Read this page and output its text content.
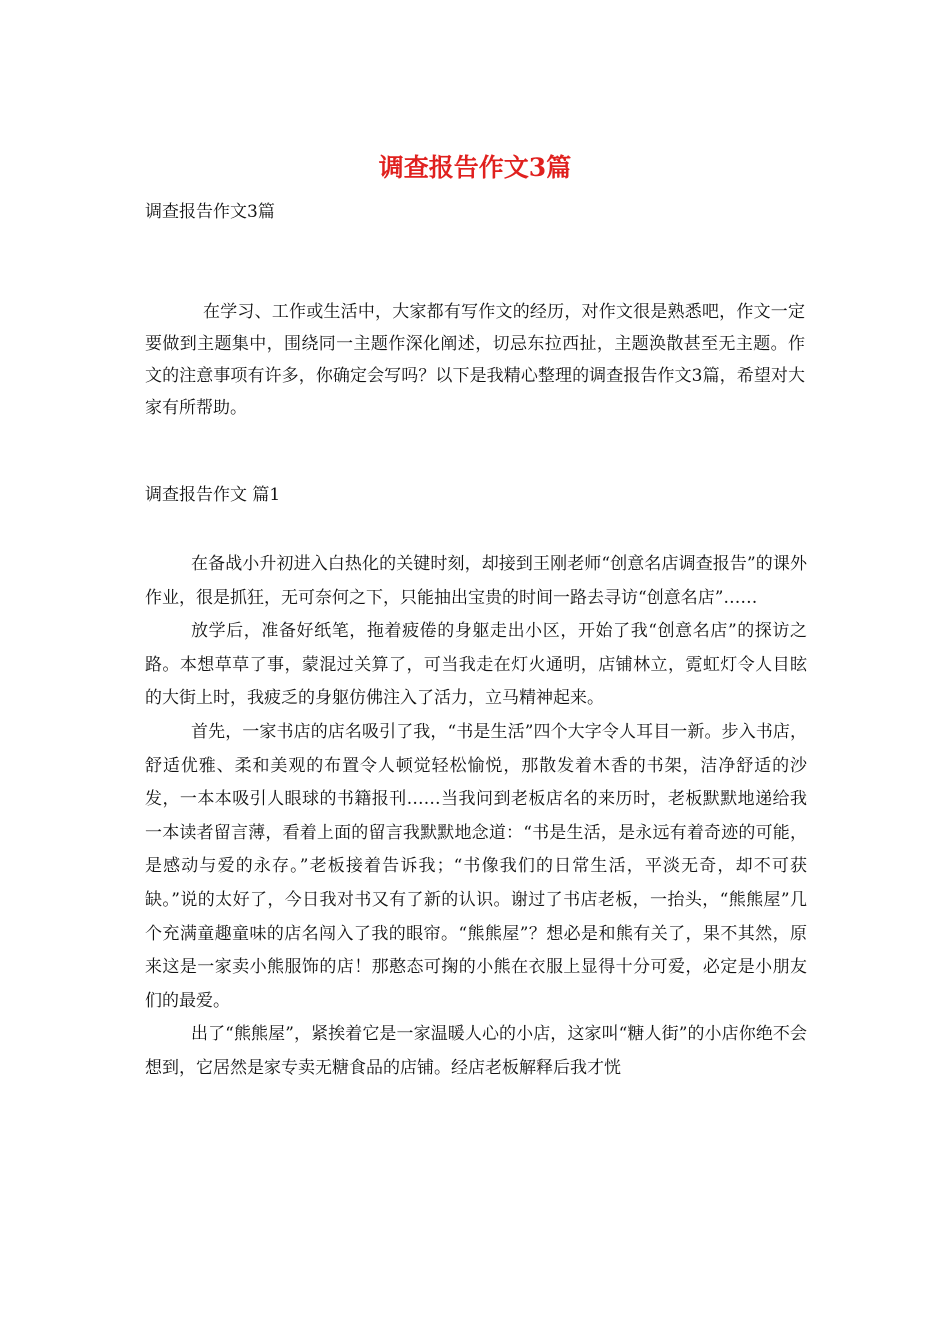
调查报告作文3篇

调查报告作文3篇

在学习、工作或生活中，大家都有写作文的经历，对作文很是熟悉吧，作文一定要做到主题集中，围绕同一主题作深化阐述，切忌东拉西扯，主题涣散甚至无主题。作文的注意事项有许多，你确定会写吗？以下是我精心整理的调查报告作文3篇，希望对大家有所帮助。

调查报告作文 篇1

在备战小升初进入白热化的关键时刻，却接到王刚老师“创意名店调查报告”的课外作业，很是抓狂，无可奈何之下，只能抽出宝贵的时间一路去寻访“创意名店”……

放学后，准备好纸笔，拖着疲倦的身躯走出小区，开始了我“创意名店”的探访之路。本想草草了事，蒙混过关算了，可当我走在灯火通明，店铺林立，霓虹灯令人目眩的大街上时，我疲乏的身躯仿佛注入了活力，立马精神起来。

首先，一家书店的店名吸引了我，“书是生活”四个大字令人耳目一新。步入书店，舒适优雅、柔和美观的布置令人顿觉轻松愉悦，那散发着木香的书架，洁净舒适的沙发，一本本吸引人眼球的书籍报刊……当我问到老板店名的来历时，老板默默地递给我一本读者留言薄，看着上面的留言我默默地念道：“书是生活，是永远有着奇迹的可能，是感动与爱的永存。”老板接着告诉我；“书像我们的日常生活，平淡无奇，却不可获缺。”说的太好了，今日我对书又有了新的认识。谢过了书店老板，一抬头，“熊熊屋”几个充满童趣童味的店名闯入了我的眼帘。“熊熊屋”？想必是和熊有关了，果不其然，原来这是一家卖小熊服饰的店！那憨态可掬的小熊在衣服上显得十分可爱，必定是小朋友们的最爱。

出了“熊熊屋”，紧挨着它是一家温暖人心的小店，这家叫“糖人街”的小店你绝不会想到，它居然是家专卖无糖食品的店铺。经店老板解释后我才恍
